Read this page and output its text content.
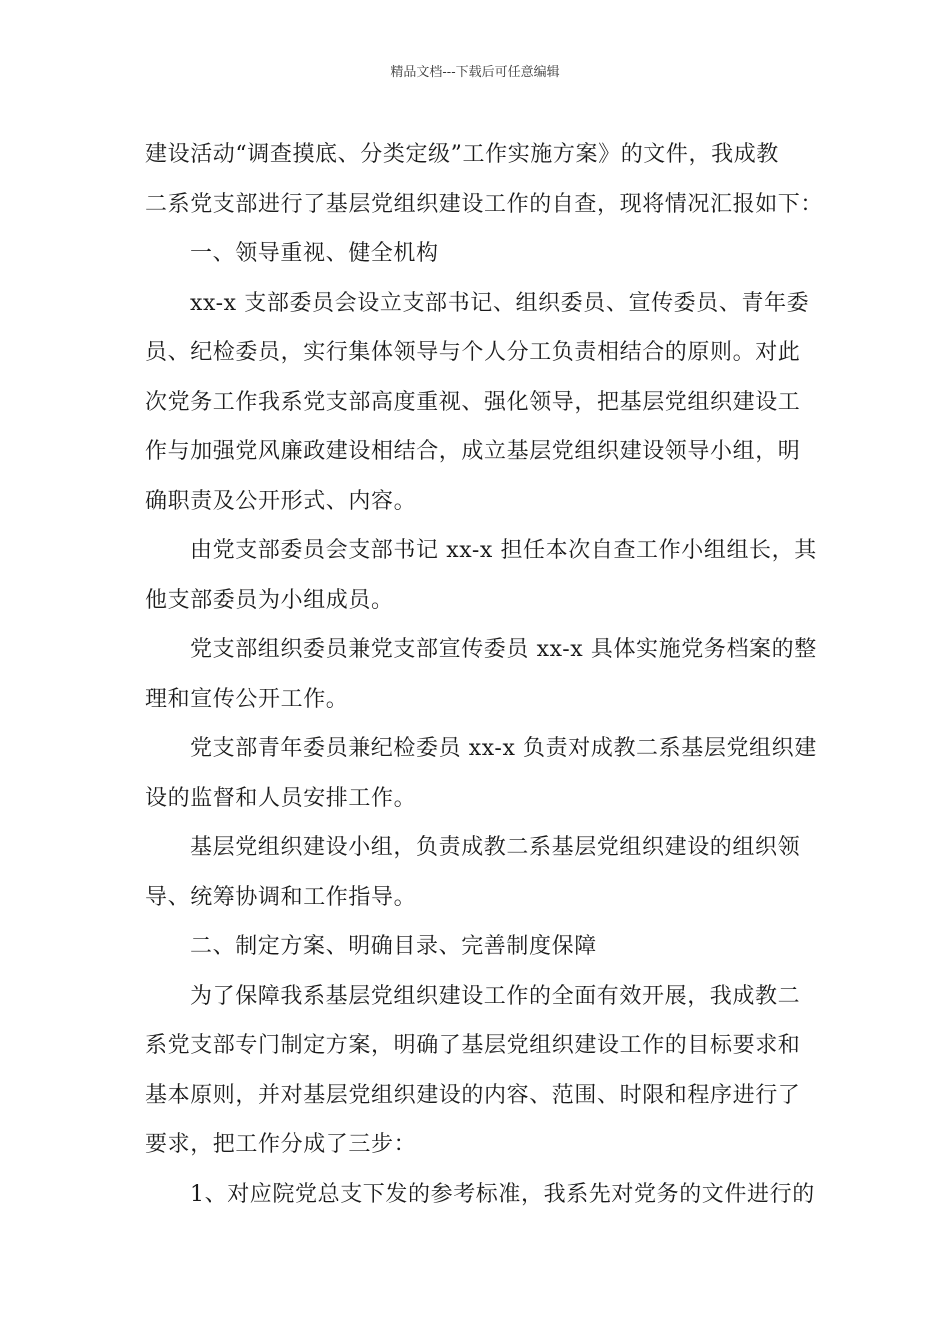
精品文档---下载后可任意编辑
建设活动“调查摸底、分类定级”工作实施方案》的文件，我成教
二系党支部进行了基层党组织建设工作的自查，现将情况汇报如下：
一、领导重视、健全机构
xx-x 支部委员会设立支部书记、组织委员、宣传委员、青年委
员、纪检委员，实行集体领导与个人分工负责相结合的原则。对此
次党务工作我系党支部高度重视、强化领导，把基层党组织建设工
作与加强党风廉政建设相结合，成立基层党组织建设领导小组，明
确职责及公开形式、内容。
由党支部委员会支部书记 xx-x 担任本次自查工作小组组长，其
他支部委员为小组成员。
党支部组织委员兼党支部宣传委员 xx-x 具体实施党务档案的整
理和宣传公开工作。
党支部青年委员兼纪检委员 xx-x 负责对成教二系基层党组织建
设的监督和人员安排工作。
基层党组织建设小组，负责成教二系基层党组织建设的组织领
导、统筹协调和工作指导。
二、制定方案、明确目录、完善制度保障
为了保障我系基层党组织建设工作的全面有效开展，我成教二
系党支部专门制定方案，明确了基层党组织建设工作的目标要求和
基本原则，并对基层党组织建设的内容、范围、时限和程序进行了
要求，把工作分成了三步：
1、对应院党总支下发的参考标准，我系先对党务的文件进行的
